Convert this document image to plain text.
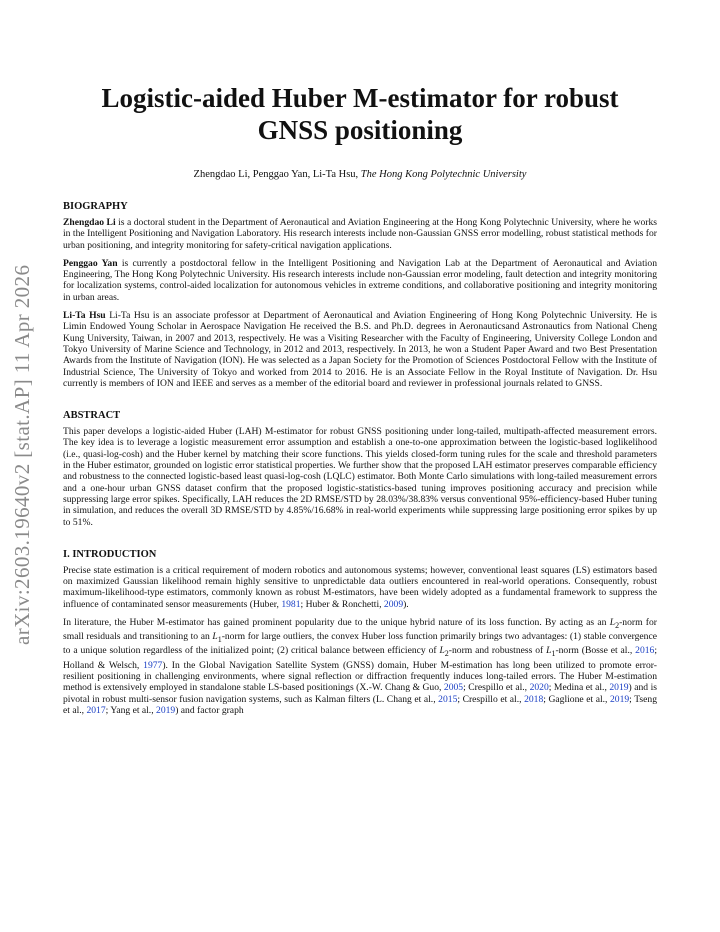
arXiv:2603.19640v2 [stat.AP] 11 Apr 2026
Logistic-aided Huber M-estimator for robust GNSS positioning
Zhengdao Li, Penggao Yan, Li-Ta Hsu, The Hong Kong Polytechnic University
BIOGRAPHY

Zhengdao Li is a doctoral student in the Department of Aeronautical and Aviation Engineering at the Hong Kong Polytechnic University, where he works in the Intelligent Positioning and Navigation Laboratory. His research interests include non-Gaussian GNSS error modelling, robust statistical methods for urban positioning, and integrity monitoring for safety-critical navigation applications.

Penggao Yan is currently a postdoctoral fellow in the Intelligent Positioning and Navigation Lab at the Department of Aeronautical and Aviation Engineering, The Hong Kong Polytechnic University. His research interests include non-Gaussian error modeling, fault detection and integrity monitoring for localization systems, control-aided localization for autonomous vehicles in extreme conditions, and collaborative positioning and integrity monitoring in urban areas.

Li-Ta Hsu Li-Ta Hsu is an associate professor at Department of Aeronautical and Aviation Engineering of Hong Kong Polytechnic University. He is Limin Endowed Young Scholar in Aerospace Navigation He received the B.S. and Ph.D. degrees in Aeronauticsand Astronautics from National Cheng Kung University, Taiwan, in 2007 and 2013, respectively. He was a Visiting Researcher with the Faculty of Engineering, University College London and Tokyo University of Marine Science and Technology, in 2012 and 2013, respectively. In 2013, he won a Student Paper Award and two Best Presentation Awards from the Institute of Navigation (ION). He was selected as a Japan Society for the Promotion of Sciences Postdoctoral Fellow with the Institute of Industrial Science, The University of Tokyo and worked from 2014 to 2016. He is an Associate Fellow in the Royal Institute of Navigation. Dr. Hsu currently is members of ION and IEEE and serves as a member of the editorial board and reviewer in professional journals related to GNSS.

ABSTRACT

This paper develops a logistic-aided Huber (LAH) M-estimator for robust GNSS positioning under long-tailed, multipath-affected measurement errors. The key idea is to leverage a logistic measurement error assumption and establish a one-to-one approximation between the logistic-based loglikelihood (i.e., quasi-log-cosh) and the Huber kernel by matching their score functions. This yields closed-form tuning rules for the scale and threshold parameters in the Huber estimator, grounded on logistic error statistical properties. We further show that the proposed LAH estimator preserves comparable efficiency and robustness to the connected logistic-based least quasi-log-cosh (LQLC) estimator. Both Monte Carlo simulations with long-tailed measurement errors and a one-hour urban GNSS dataset confirm that the proposed logistic-statistics-based tuning improves positioning accuracy and precision while suppressing large error spikes. Specifically, LAH reduces the 2D RMSE/STD by 28.03%/38.83% versus conventional 95%-efficiency-based Huber tuning in simulation, and reduces the overall 3D RMSE/STD by 4.85%/16.68% in real-world experiments while suppressing large positioning error spikes by up to 51%.

I. INTRODUCTION

Precise state estimation is a critical requirement of modern robotics and autonomous systems; however, conventional least squares (LS) estimators based on maximized Gaussian likelihood remain highly sensitive to unpredictable data outliers encountered in real-world operations. Consequently, robust maximum-likelihood-type estimators, commonly known as robust M-estimators, have been widely adopted as a fundamental framework to suppress the influence of contaminated sensor measurements (Huber, 1981; Huber & Ronchetti, 2009).

In literature, the Huber M-estimator has gained prominent popularity due to the unique hybrid nature of its loss function. By acting as an $L_2$-norm for small residuals and transitioning to an $L_1$-norm for large outliers, the convex Huber loss function primarily brings two advantages: (1) stable convergence to a unique solution regardless of the initialized point; (2) critical balance between efficiency of $L_2$-norm and robustness of $L_1$-norm (Bosse et al., 2016; Holland & Welsch, 1977). In the Global Navigation Satellite System (GNSS) domain, Huber M-estimation has long been utilized to promote error-resilient positioning in challenging environments, where signal reflection or diffraction frequently induces long-tailed errors. The Huber M-estimation method is extensively employed in standalone stable LS-based positionings (X.-W. Chang & Guo, 2005; Crespillo et al., 2020; Medina et al., 2019) and is pivotal in robust multi-sensor fusion navigation systems, such as Kalman filters (L. Chang et al., 2015; Crespillo et al., 2018; Gaglione et al., 2019; Tseng et al., 2017; Yang et al., 2019) and factor graph
